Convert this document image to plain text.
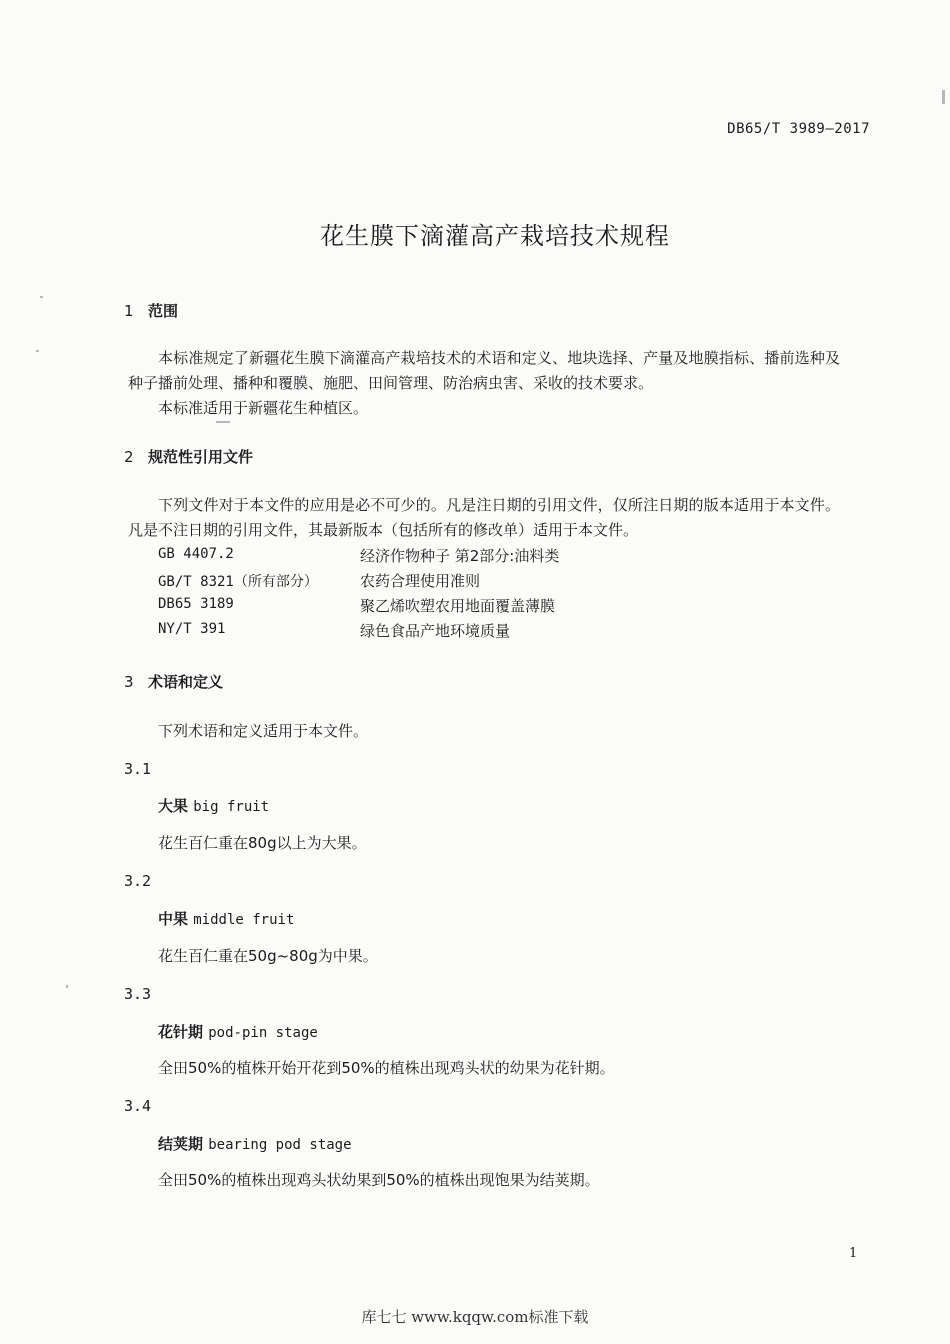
DB65/T 3989—2017
花生膜下滴灌高产栽培技术规程
1 范围
本标准规定了新疆花生膜下滴灌高产栽培技术的术语和定义、地块选择、产量及地膜指标、播前选种及种子播前处理、播种和覆膜、施肥、田间管理、防治病虫害、采收的技术要求。
本标准适用于新疆花生种植区。
2 规范性引用文件
下列文件对于本文件的应用是必不可少的。凡是注日期的引用文件，仅所注日期的版本适用于本文件。凡是不注日期的引用文件，其最新版本（包括所有的修改单）适用于本文件。
GB 4407.2	经济作物种子 第2部分:油料类
GB/T 8321（所有部分）	农药合理使用准则
DB65 3189	聚乙烯吹塑农用地面覆盖薄膜
NY/T 391	绿色食品产地环境质量
3 术语和定义
下列术语和定义适用于本文件。
3.1
大果 big fruit
花生百仁重在80g以上为大果。
3.2
中果 middle fruit
花生百仁重在50g~80g为中果。
3.3
花针期 pod-pin stage
全田50%的植株开始开花到50%的植株出现鸡头状的幼果为花针期。
3.4
结荚期 bearing pod stage
全田50%的植株出现鸡头状幼果到50%的植株出现饱果为结荚期。
1
库七七 www.kqqw.com标准下载
